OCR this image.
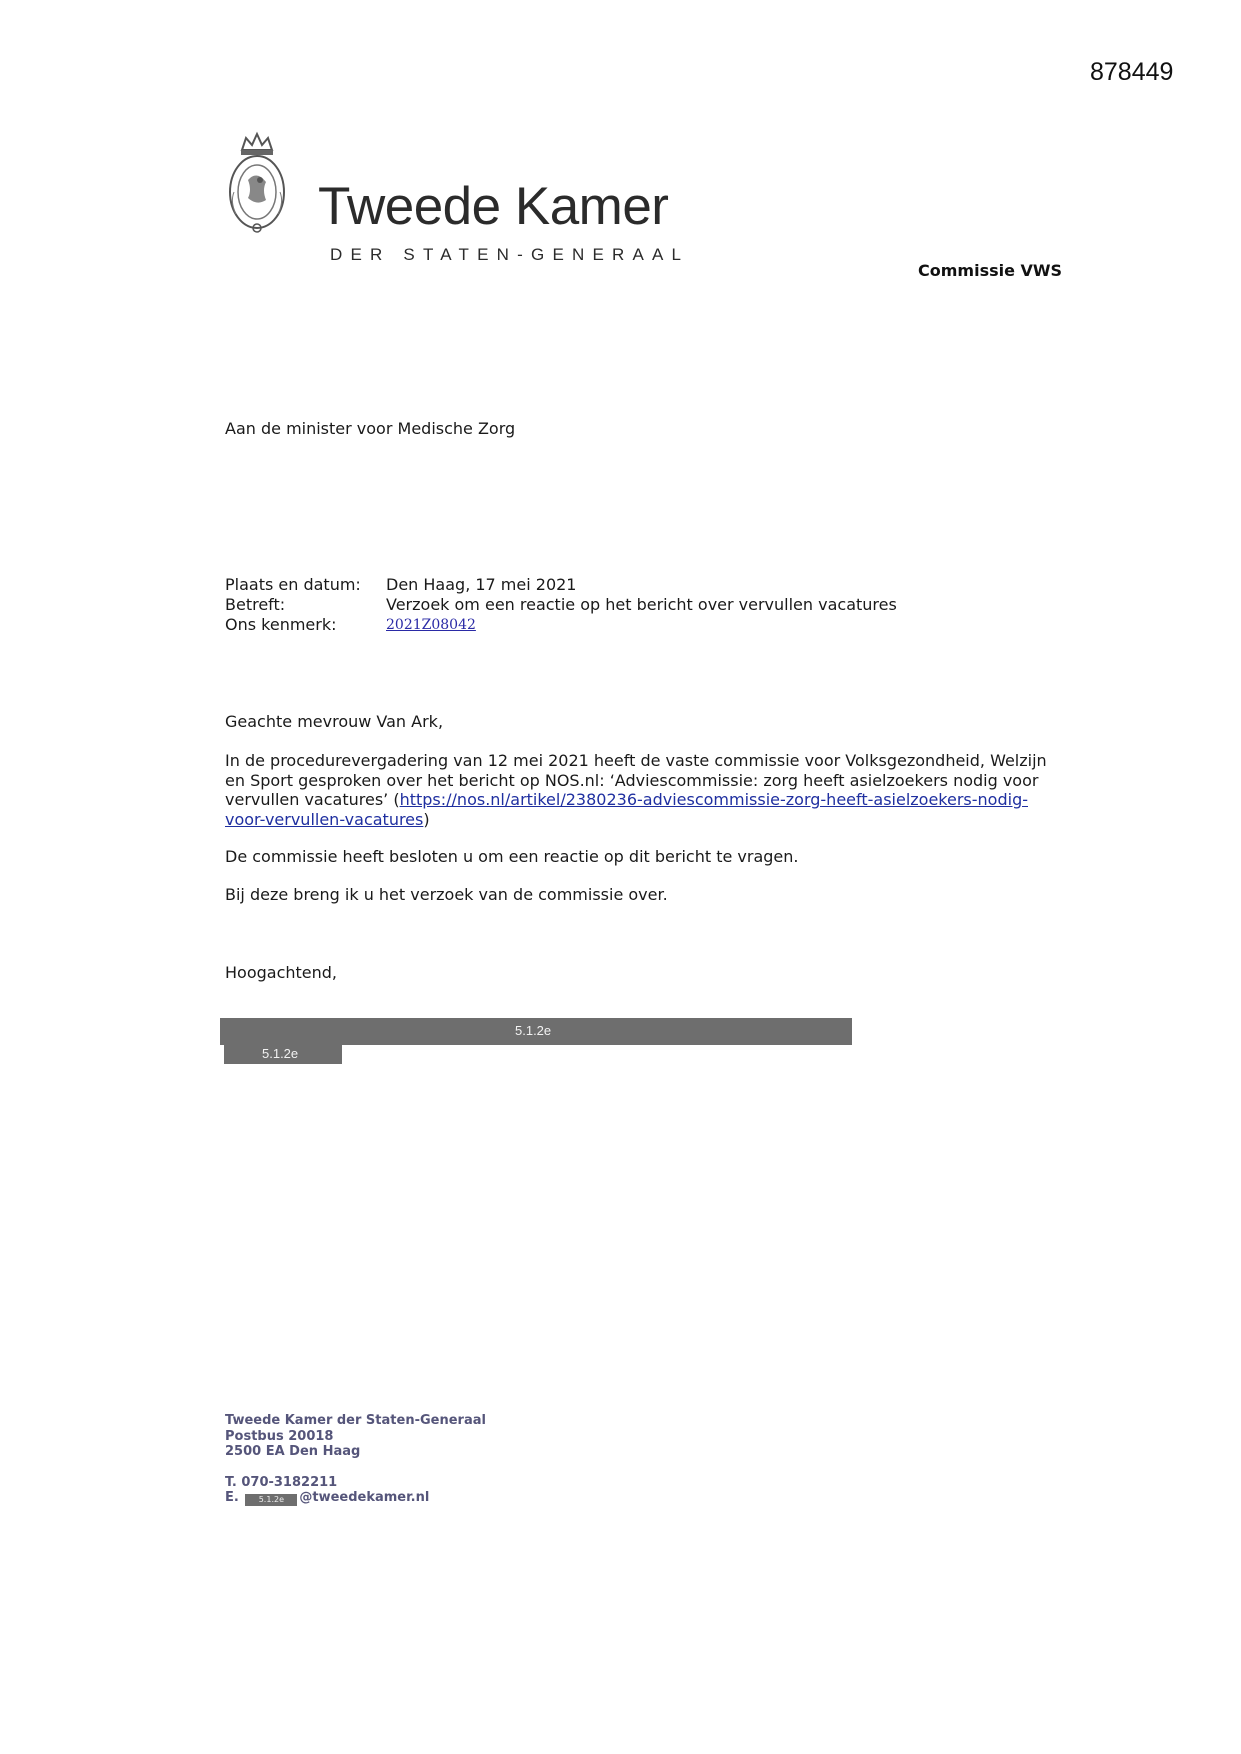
878449
Tweede Kamer
DER STATEN-GENERAAL
Commissie VWS
Aan de minister voor Medische Zorg
Plaats en datum:	Den Haag, 17 mei 2021
Betreft:	Verzoek om een reactie op het bericht over vervullen vacatures
Ons kenmerk:	2021Z08042
Geachte mevrouw Van Ark,

In de procedurevergadering van 12 mei 2021 heeft de vaste commissie voor Volksgezondheid, Welzijn
en Sport gesproken over het bericht op NOS.nl: ‘Adviescommissie: zorg heeft asielzoekers nodig voor
vervullen vacatures’ (https://nos.nl/artikel/2380236-adviescommissie-zorg-heeft-asielzoekers-nodig-
voor-vervullen-vacatures)

De commissie heeft besloten u om een reactie op dit bericht te vragen.

Bij deze breng ik u het verzoek van de commissie over.

Hoogachtend,
5.1.2e
5.1.2e
Tweede Kamer der Staten-Generaal
Postbus 20018
2500 EA Den Haag
T. 070-3182211
E. 5.1.2e @tweedekamer.nl
